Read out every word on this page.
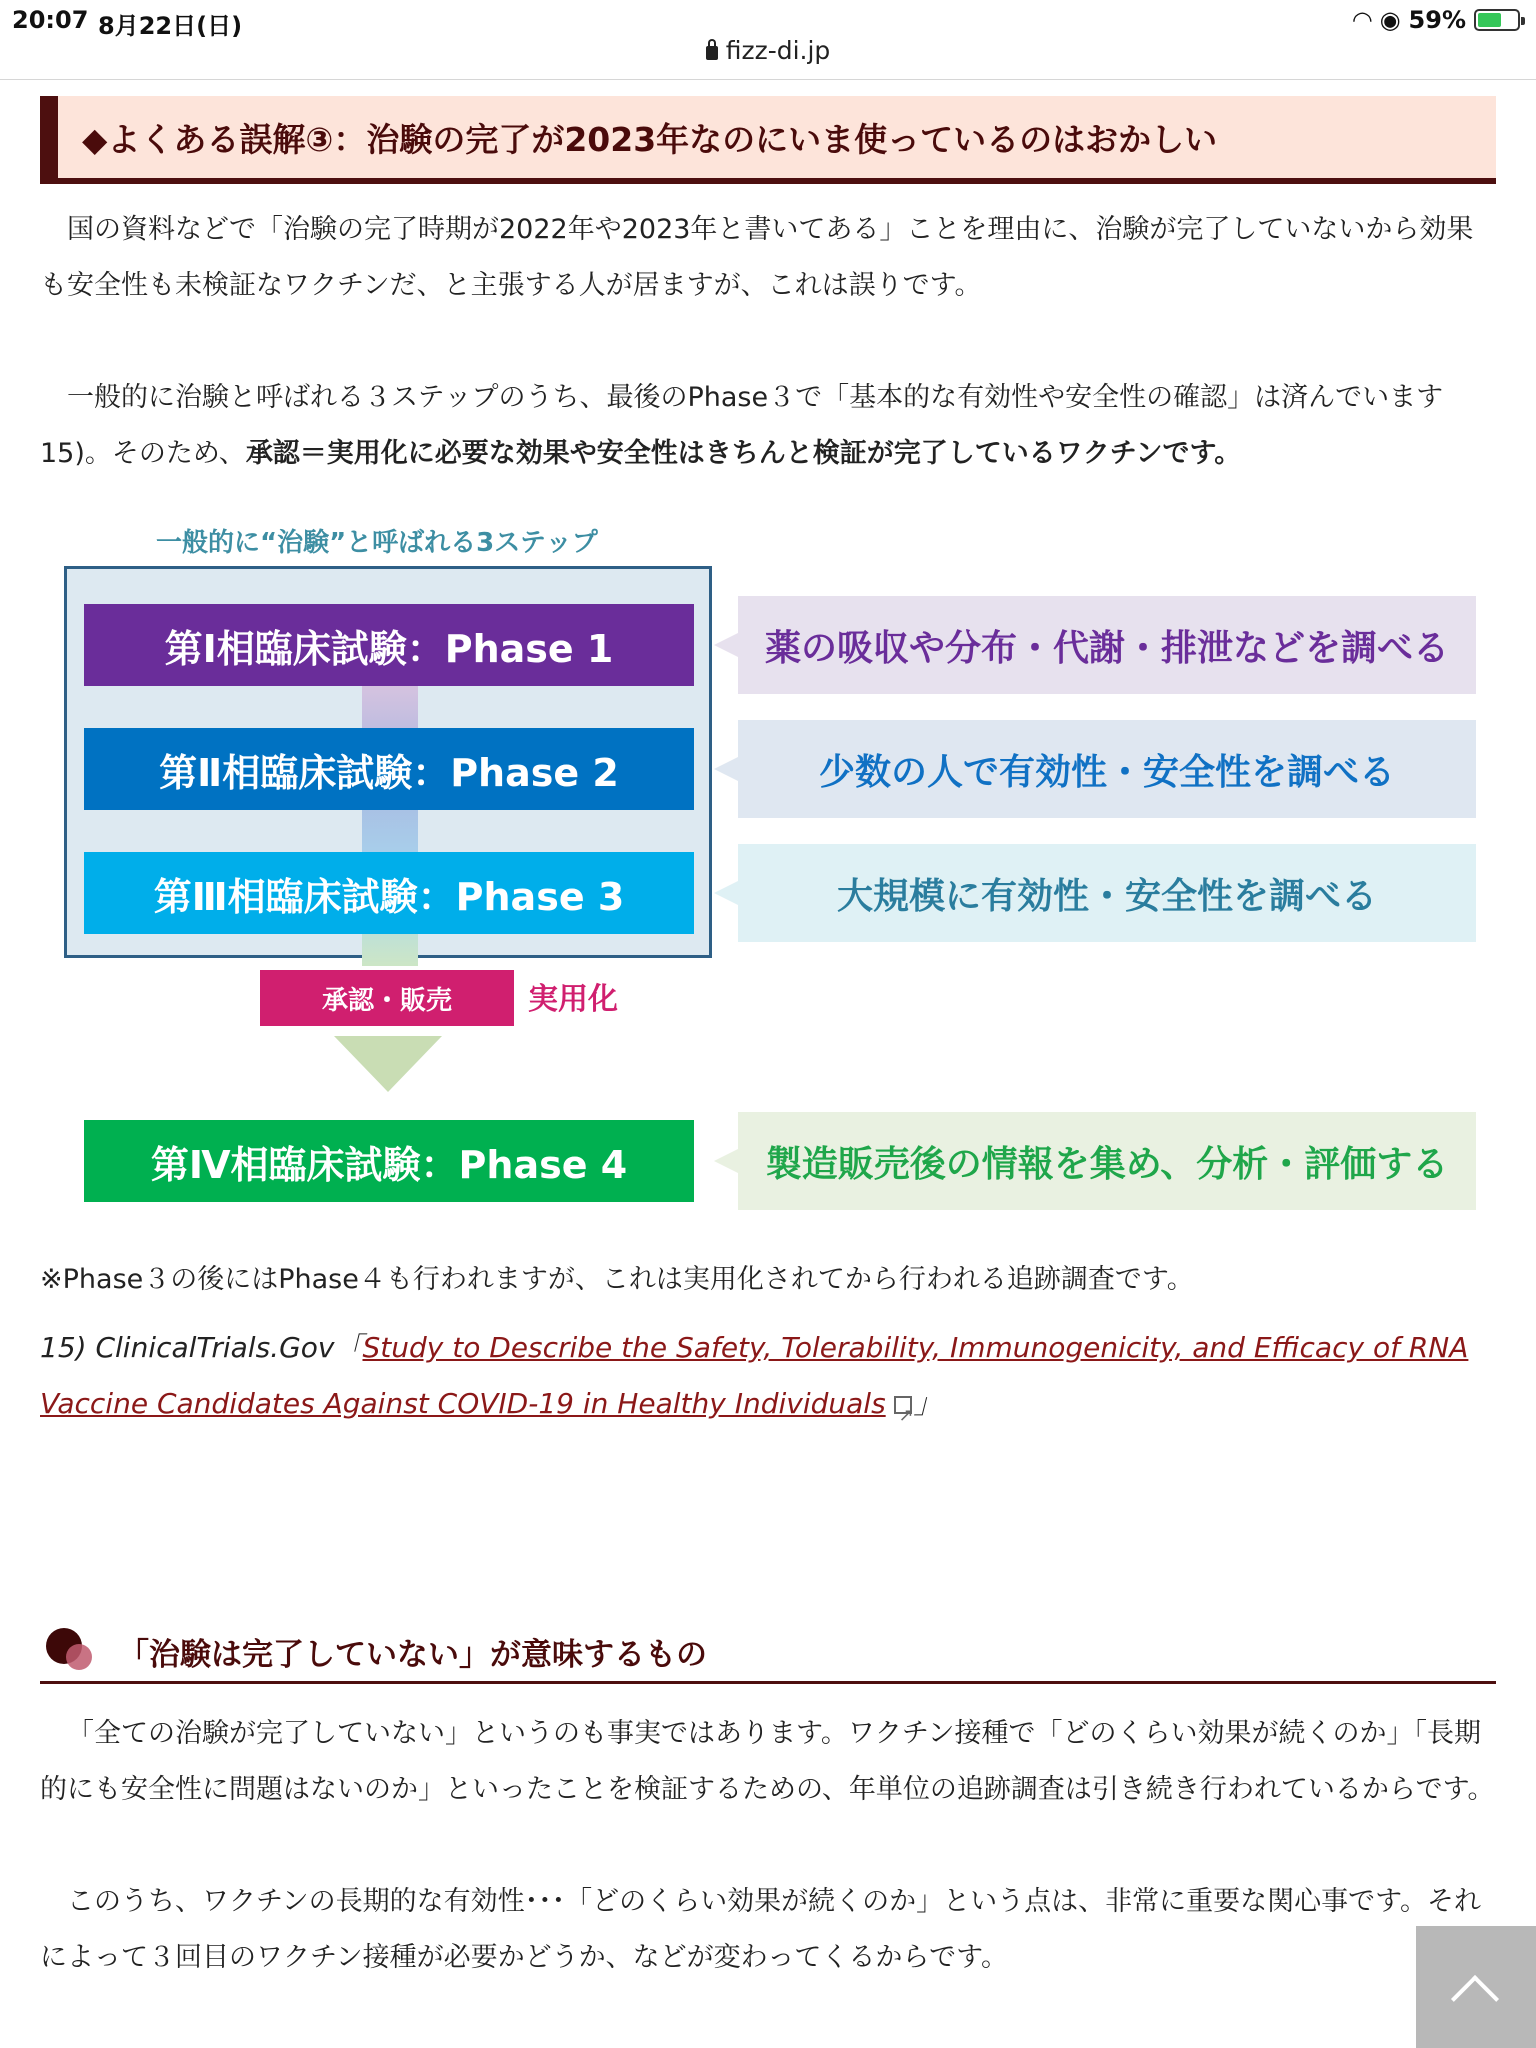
20:07 8月22日(日)	◠ ◉ 59%
fizz-di.jp
◆よくある誤解③：治験の完了が2023年なのにいま使っているのはおかしい

国の資料などで「治験の完了時期が2022年や2023年と書いてある」ことを理由に、治験が完了していないから効果も安全性も未検証なワクチンだ、と主張する人が居ますが、これは誤りです。

一般的に治験と呼ばれる３ステップのうち、最後のPhase３で「基本的な有効性や安全性の確認」は済んでいます15)。そのため、承認＝実用化に必要な効果や安全性はきちんと検証が完了しているワクチンです。

一般的に“治験”と呼ばれる3ステップ
第Ⅰ相臨床試験：Phase 1
第Ⅱ相臨床試験：Phase 2
第Ⅲ相臨床試験：Phase 3
薬の吸収や分布・代謝・排泄などを調べる
少数の人で有効性・安全性を調べる
大規模に有効性・安全性を調べる
承認・販売	実用化
第Ⅳ相臨床試験：Phase 4	製造販売後の情報を集め、分析・評価する

※Phase３の後にはPhase４も行われますが、これは実用化されてから行われる追跡調査です。

15) ClinicalTrials.Gov「Study to Describe the Safety, Tolerability, Immunogenicity, and Efficacy of RNA Vaccine Candidates Against COVID-19 in Healthy Individuals↗ 」

「治験は完了していない」が意味するもの

「全ての治験が完了していない」というのも事実ではあります。ワクチン接種で「どのくらい効果が続くのか」「長期的にも安全性に問題はないのか」といったことを検証するための、年単位の追跡調査は引き続き行われているからです。

このうち、ワクチンの長期的な有効性･･･「どのくらい効果が続くのか」という点は、非常に重要な関心事です。それによって３回目のワクチン接種が必要かどうか、などが変わってくるからです。
